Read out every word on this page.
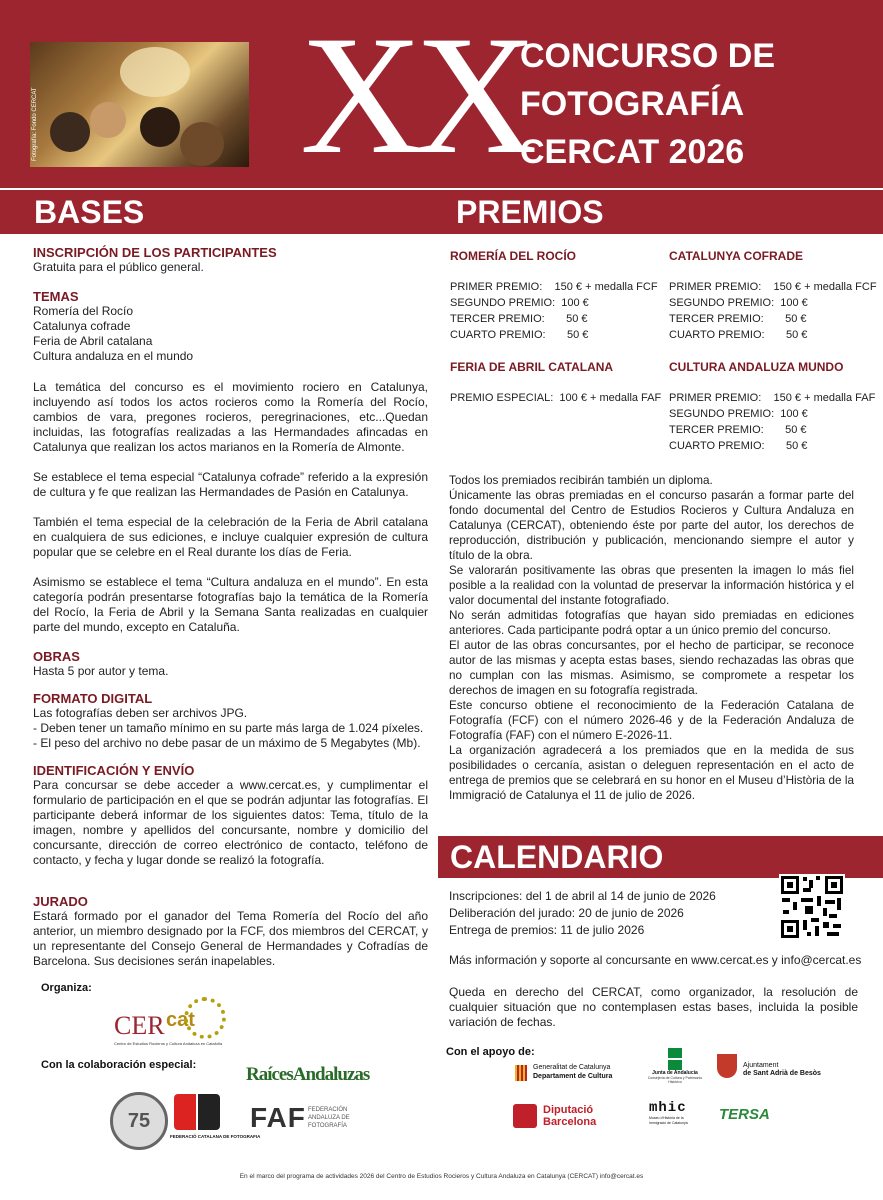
Fotografía: Fondo CERCAT XX
CONCURSO DE
FOTOGRAFÍA
CERCAT 2026
BASES	PREMIOS
INSCRIPCIÓN DE LOS PARTICIPANTES
Gratuita para el público general.
TEMAS
Romería del Rocío
Catalunya cofrade
Feria de Abril catalana
Cultura andaluza en el mundo
La temática del concurso es el movimiento rociero en Catalunya, incluyendo así todos los actos rocieros como la Romería del Rocío, cambios de vara, pregones rocieros, peregrinaciones, etc...Quedan incluidas, las fotografías realizadas a las Hermandades afincadas en Catalunya que realizan los actos marianos en la Romería de Almonte.
Se establece el tema especial “Catalunya cofrade” referido a la expresión de cultura y fe que realizan las Hermandades de Pasión en Catalunya.
También el tema especial de la celebración de la Feria de Abril catalana en cualquiera de sus ediciones, e incluye cualquier expresión de cultura popular que se celebre en el Real durante los días de Feria.
Asimismo se establece el tema “Cultura andaluza en el mundo”. En esta categoría podrán presentarse fotografías bajo la temática de la Romería del Rocío, la Feria de Abril y la Semana Santa realizadas en cualquier parte del mundo, excepto en Cataluña.
OBRAS
Hasta 5 por autor y tema.
FORMATO DIGITAL
Las fotografías deben ser archivos JPG.
- Deben tener un tamaño mínimo en su parte más larga de 1.024 píxeles.
- El peso del archivo no debe pasar de un máximo de 5 Megabytes (Mb).
IDENTIFICACIÓN Y ENVÍO
Para concursar se debe acceder a www.cercat.es, y cumplimentar el formulario de participación en el que se podrán adjuntar las fotografías. El participante deberá informar de los siguientes datos: Tema, título de la imagen, nombre y apellidos del concursante, nombre y domicilio del concursante, dirección de correo electrónico de contacto, teléfono de contacto, y fecha y lugar donde se realizó la fotografía.
JURADO
Estará formado por el ganador del Tema Romería del Rocío del año anterior, un miembro designado por la FCF, dos miembros del CERCAT, y un representante del Consejo General de Hermandades y Cofradías de Barcelona. Sus decisiones serán inapelables.
ROMERÍA DEL ROCÍO
PRIMER PREMIO:    150 € + medalla FCF
SEGUNDO PREMIO:  100 €
TERCER PREMIO:       50 €
CUARTO PREMIO:       50 €
CATALUNYA COFRADE
PRIMER PREMIO:    150 € + medalla FCF
SEGUNDO PREMIO:  100 €
TERCER PREMIO:       50 €
CUARTO PREMIO:       50 €
FERIA DE ABRIL CATALANA
PREMIO ESPECIAL:  100 € + medalla FAF
CULTURA ANDALUZA MUNDO
PRIMER PREMIO:    150 € + medalla FAF
SEGUNDO PREMIO:  100 €
TERCER PREMIO:       50 €
CUARTO PREMIO:       50 €
Todos los premiados recibirán también un diploma.
Únicamente las obras premiadas en el concurso pasarán a formar parte del fondo documental del Centro de Estudios Rocieros y Cultura Andaluza en Catalunya (CERCAT), obteniendo éste por parte del autor, los derechos de reproducción, distribución y publicación, mencionando siempre el autor y título de la obra.
Se valorarán positivamente las obras que presenten la imagen lo más fiel posible a la realidad con la voluntad de preservar la información histórica y el valor documental del instante fotografiado.
No serán admitidas fotografías que hayan sido premiadas en ediciones anteriores. Cada participante podrá optar a un único premio del concurso.
El autor de las obras concursantes, por el hecho de participar, se reconoce autor de las mismas y acepta estas bases, siendo rechazadas las obras que no cumplan con las mismas. Asimismo, se compromete a respetar los derechos de imagen en su fotografía registrada.
Este concurso obtiene el reconocimiento de la Federación Catalana de Fotografía (FCF) con el número 2026-46 y de la Federación Andaluza de Fotografía (FAF) con el número E-2026-11.
La organización agradecerá a los premiados que en la medida de sus posibilidades o cercanía, asistan o deleguen representación en el acto de entrega de premios que se celebrará en su honor en el Museu d’Història de la Immigració de Catalunya el 11 de julio de 2026.
CALENDARIO
Inscripciones: del 1 de abril al 14 de junio de 2026
Deliberación del jurado: 20 de junio de 2026
Entrega de premios: 11 de julio 2026
Más información y soporte al concursante en www.cercat.es y info@cercat.es
Queda en derecho del CERCAT, como organizador, la resolución de cualquier situación que no contemplasen estas bases, incluida la posible variación de fechas.
Organiza:
CER cat
Centro de Estudios Rocieros y Cultura Andaluza en Cataluña
Con la colaboración especial:	RaícesAndaluzas
75
FEDERACIÓ CATALANA DE FOTOGRAFIA
FAF FEDERACIÓN
ANDALUZA DE
FOTOGRAFÍA
Con el apoyo de:
Generalitat de Catalunya
Departament de Cultura	Junta de Andalucía
Consejería de Cultura y Patrimonio Histórico
Ajuntament
de Sant Adrià de Besòs
Diputació
Barcelona
mhic
Museu d'Història de la Immigració de Catalunya	TERSA
En el marco del programa de actividades 2026 del Centro de Estudios Rocieros y Cultura Andaluza en Catalunya (CERCAT) info@cercat.es
